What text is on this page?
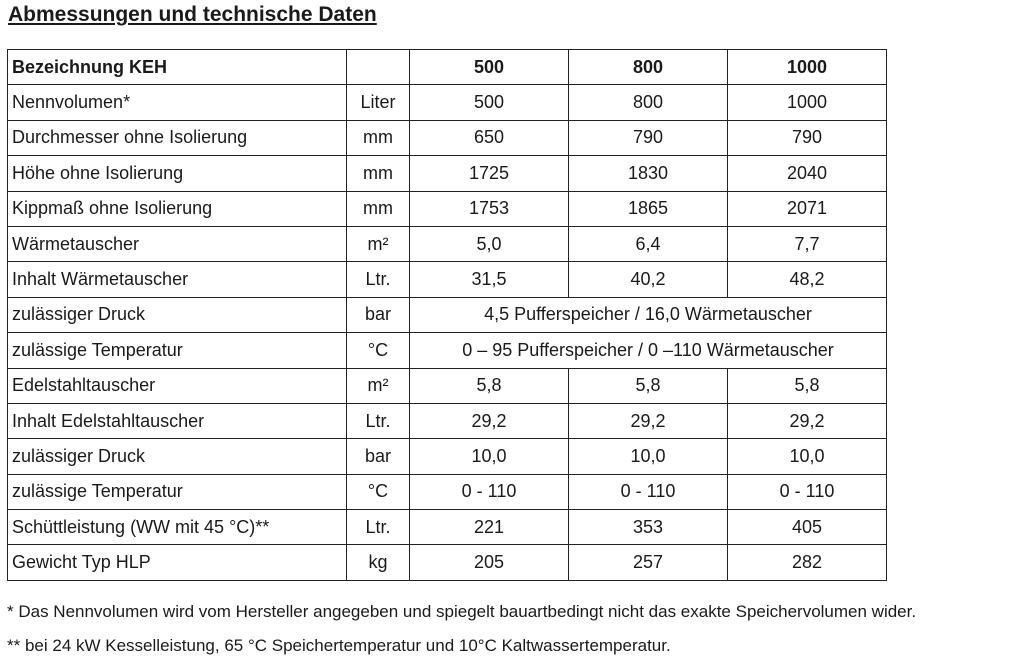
Abmessungen und technische Daten
Bezeichnung KEH		500	800	1000
Nennvolumen*	Liter	500	800	1000
Durchmesser ohne Isolierung	mm	650	790	790
Höhe ohne Isolierung	mm	1725	1830	2040
Kippmaß ohne Isolierung	mm	1753	1865	2071
Wärmetauscher	m²	5,0	6,4	7,7
Inhalt Wärmetauscher	Ltr.	31,5	40,2	48,2
zulässiger Druck	bar	4,5 Pufferspeicher / 16,0 Wärmetauscher		
zulässige Temperatur	°C	0 – 95 Pufferspeicher / 0 –110 Wärmetauscher		
Edelstahltauscher	m²	5,8	5,8	5,8
Inhalt Edelstahltauscher	Ltr.	29,2	29,2	29,2
zulässiger Druck	bar	10,0	10,0	10,0
zulässige Temperatur	°C	0 - 110	0 - 110	0 - 110
Schüttleistung (WW mit 45 °C)**	Ltr.	221	353	405
Gewicht Typ HLP	kg	205	257	282

* Das Nennvolumen wird vom Hersteller angegeben und spiegelt bauartbedingt nicht das exakte Speichervolumen wider.

** bei 24 kW Kesselleistung, 65 °C Speichertemperatur und 10°C Kaltwassertemperatur.
